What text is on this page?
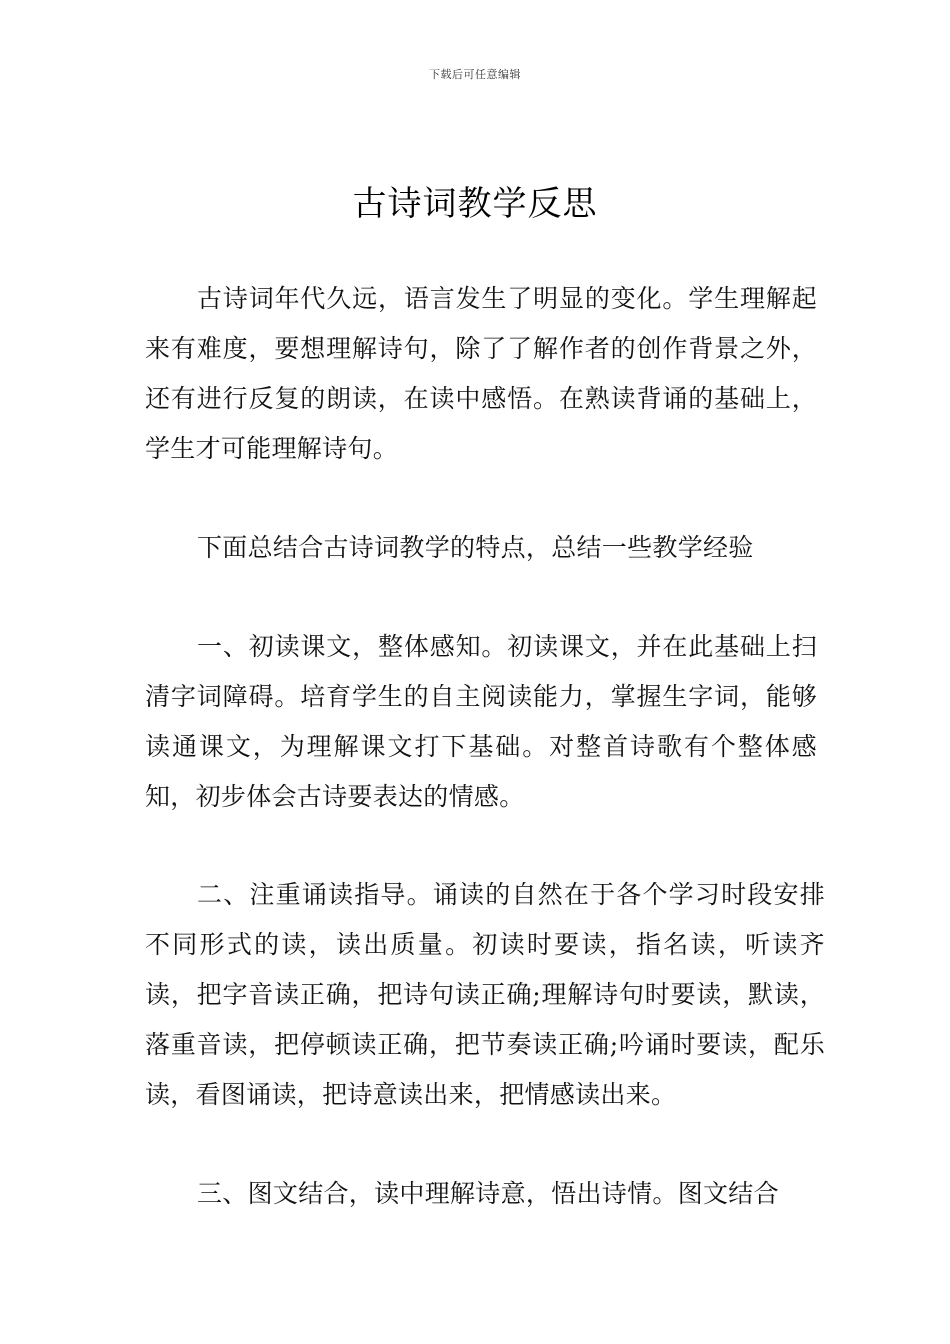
下载后可任意编辑
古诗词教学反思

古诗词年代久远，语言发生了明显的变化。学生理解起来有难度，要想理解诗句，除了了解作者的创作背景之外，还有进行反复的朗读，在读中感悟。在熟读背诵的基础上，学生才可能理解诗句。

下面总结合古诗词教学的特点，总结一些教学经验

一、初读课文，整体感知。初读课文，并在此基础上扫清字词障碍。培育学生的自主阅读能力，掌握生字词，能够读通课文，为理解课文打下基础。对整首诗歌有个整体感知，初步体会古诗要表达的情感。

二、注重诵读指导。诵读的自然在于各个学习时段安排不同形式的读，读出质量。初读时要读，指名读，听读齐读，把字音读正确，把诗句读正确;理解诗句时要读，默读，落重音读，把停顿读正确，把节奏读正确;吟诵时要读，配乐读，看图诵读，把诗意读出来，把情感读出来。

三、图文结合，读中理解诗意，悟出诗情。图文结合
